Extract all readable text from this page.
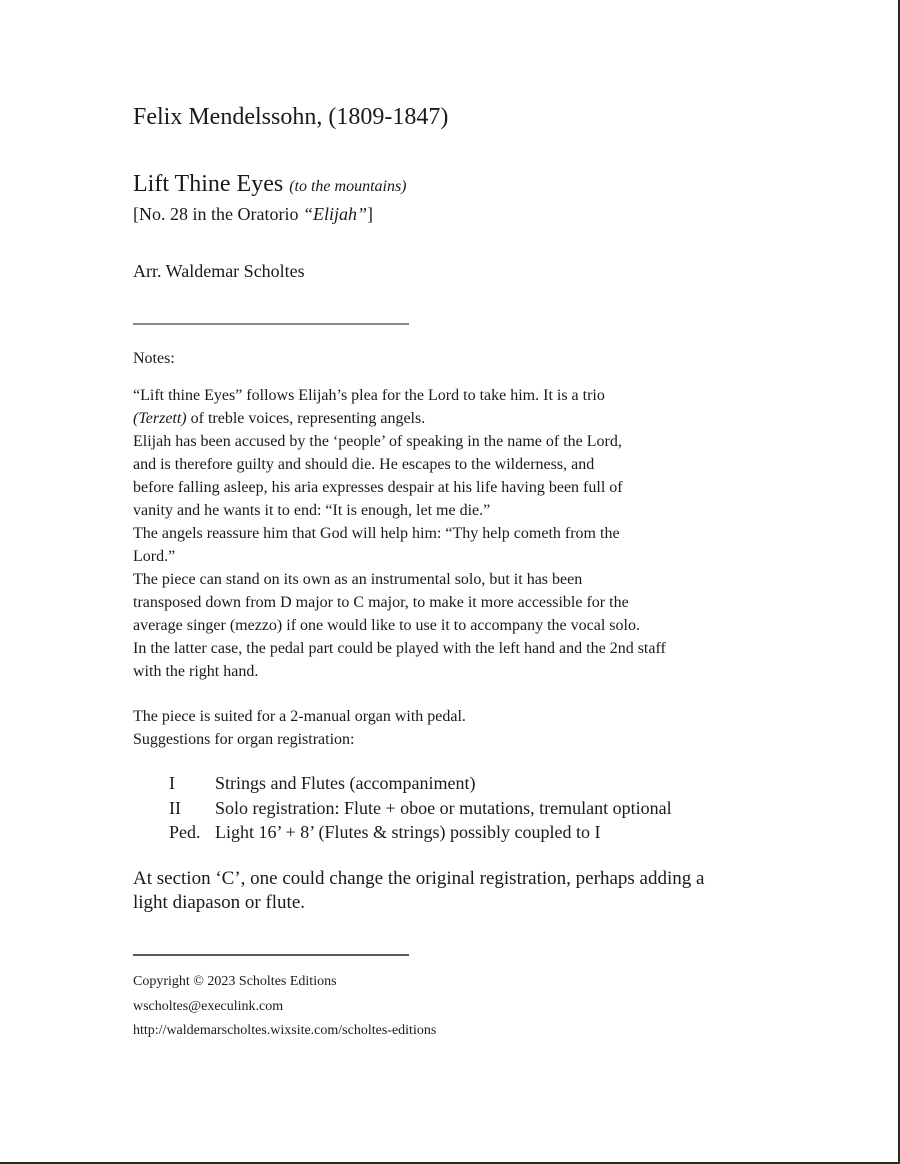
Felix Mendelssohn, (1809-1847)
Lift Thine Eyes (to the mountains)
[No. 28 in the Oratorio “Elijah”]
Arr. Waldemar Scholtes
Notes:
“Lift thine Eyes” follows Elijah’s plea for the Lord to take him. It is a trio
(Terzett) of treble voices, representing angels.
Elijah has been accused by the ‘people’ of speaking in the name of the Lord,
and is therefore guilty and should die. He escapes to the wilderness, and
before falling asleep, his aria expresses despair at his life having been full of
vanity and he wants it to end: “It is enough, let me die.”
The angels reassure him that God will help him: “Thy help cometh from the
Lord.”
The piece can stand on its own as an instrumental solo, but it has been
transposed down from D major to C major, to make it more accessible for the
average singer (mezzo) if one would like to use it to accompany the vocal solo.
In the latter case, the pedal part could be played with the left hand and the 2nd staff
with the right hand.
The piece is suited for a 2-manual organ with pedal.
Suggestions for organ registration:
I	Strings and Flutes (accompaniment)
II	Solo registration: Flute + oboe or mutations, tremulant optional
Ped. Light 16’ + 8’ (Flutes & strings) possibly coupled to I
At section ‘C’, one could change the original registration, perhaps adding a
light diapason or flute.
Copyright © 2023 Scholtes Editions
wscholtes@execulink.com
http://waldemarscholtes.wixsite.com/scholtes-editions
